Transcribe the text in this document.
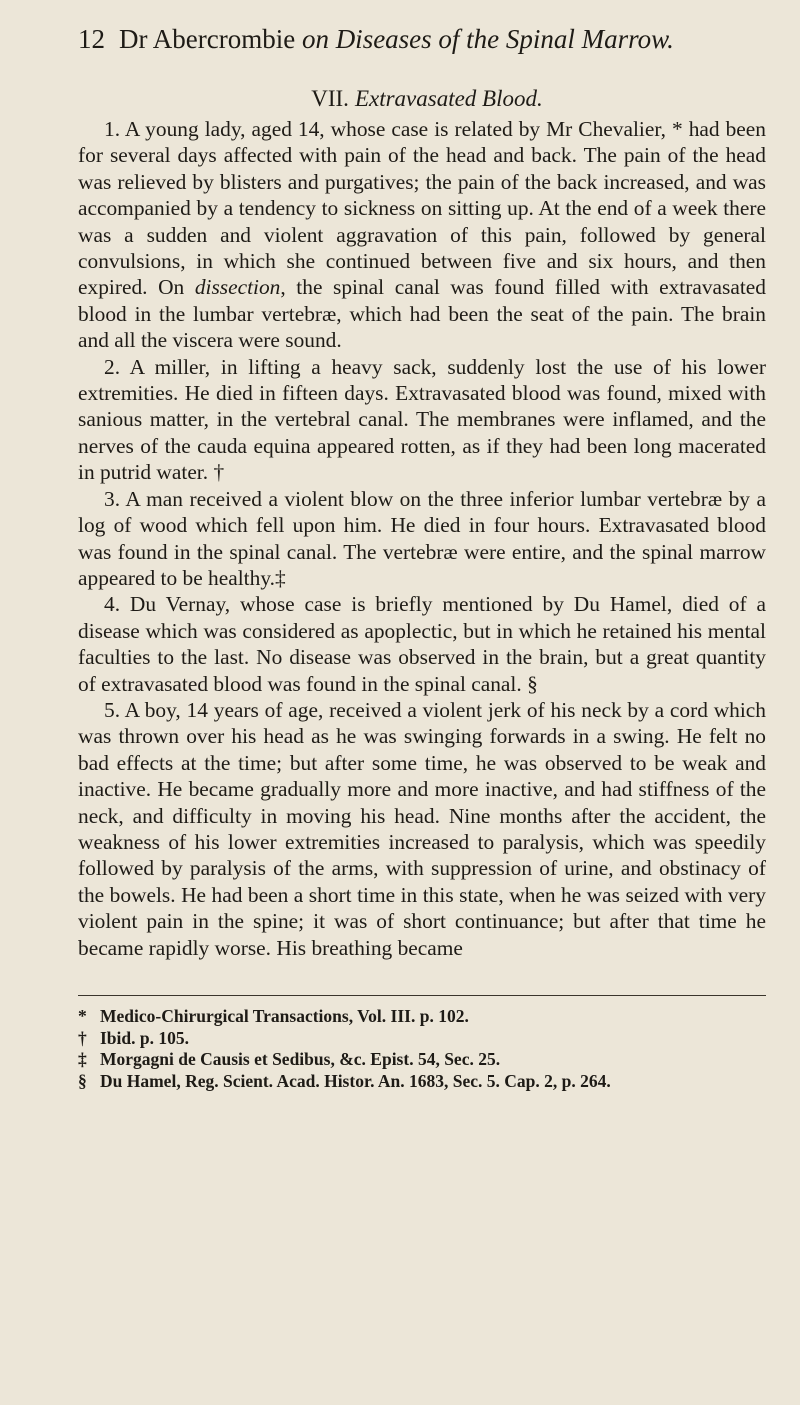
12 Dr Abercrombie on Diseases of the Spinal Marrow.
VII. Extravasated Blood.

1. A young lady, aged 14, whose case is related by Mr Chevalier, * had been for several days affected with pain of the head and back. The pain of the head was relieved by blisters and purgatives; the pain of the back increased, and was accompanied by a tendency to sickness on sitting up. At the end of a week there was a sudden and violent aggravation of this pain, followed by general convulsions, in which she continued between five and six hours, and then expired. On dissection, the spinal canal was found filled with extravasated blood in the lumbar vertebræ, which had been the seat of the pain. The brain and all the viscera were sound.

2. A miller, in lifting a heavy sack, suddenly lost the use of his lower extremities. He died in fifteen days. Extravasated blood was found, mixed with sanious matter, in the vertebral canal. The membranes were inflamed, and the nerves of the cauda equina appeared rotten, as if they had been long macerated in putrid water. †

3. A man received a violent blow on the three inferior lumbar vertebræ by a log of wood which fell upon him. He died in four hours. Extravasated blood was found in the spinal canal. The vertebræ were entire, and the spinal marrow appeared to be healthy.‡

4. Du Vernay, whose case is briefly mentioned by Du Hamel, died of a disease which was considered as apoplectic, but in which he retained his mental faculties to the last. No disease was observed in the brain, but a great quantity of extravasated blood was found in the spinal canal. §

5. A boy, 14 years of age, received a violent jerk of his neck by a cord which was thrown over his head as he was swinging forwards in a swing. He felt no bad effects at the time; but after some time, he was observed to be weak and inactive. He became gradually more and more inactive, and had stiffness of the neck, and difficulty in moving his head. Nine months after the accident, the weakness of his lower extremities increased to paralysis, which was speedily followed by paralysis of the arms, with suppression of urine, and obstinacy of the bowels. He had been a short time in this state, when he was seized with very violent pain in the spine; it was of short continuance; but after that time he became rapidly worse. His breathing became

* Medico-Chirurgical Transactions, Vol. III. p. 102.
† Ibid. p. 105.
‡ Morgagni de Causis et Sedibus, &c. Epist. 54, Sec. 25.
§ Du Hamel, Reg. Scient. Acad. Histor. An. 1683, Sec. 5. Cap. 2, p. 264.
